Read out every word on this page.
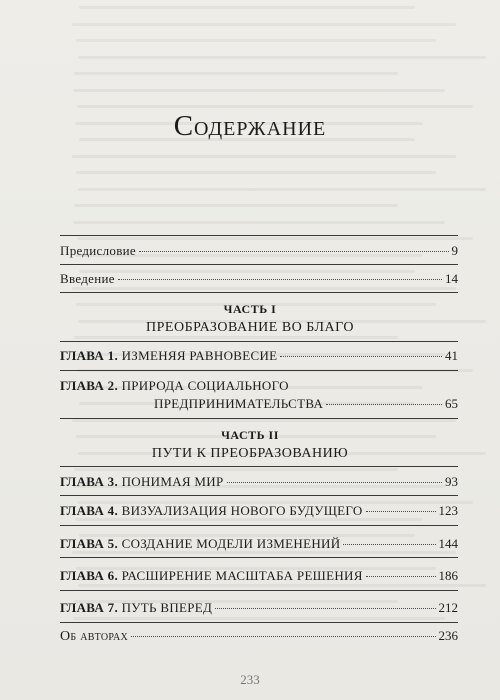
Содержание
Предисловие	9
Введение	14
ЧАСТЬ I
ПРЕОБРАЗОВАНИЕ ВО БЛАГО
ГЛАВА 1. ИЗМЕНЯЯ РАВНОВЕСИЕ	41
ГЛАВА 2. ПРИРОДА СОЦИАЛЬНОГО
ПРЕДПРИНИМАТЕЛЬСТВА	65
ЧАСТЬ II
ПУТИ К ПРЕОБРАЗОВАНИЮ
ГЛАВА 3. ПОНИМАЯ МИР	93
ГЛАВА 4. ВИЗУАЛИЗАЦИЯ НОВОГО БУДУЩЕГО	123
ГЛАВА 5. СОЗДАНИЕ МОДЕЛИ ИЗМЕНЕНИЙ	144
ГЛАВА 6. РАСШИРЕНИЕ МАСШТАБА РЕШЕНИЯ	186
ГЛАВА 7. ПУТЬ ВПЕРЕД	212
Об авторах	236
233
